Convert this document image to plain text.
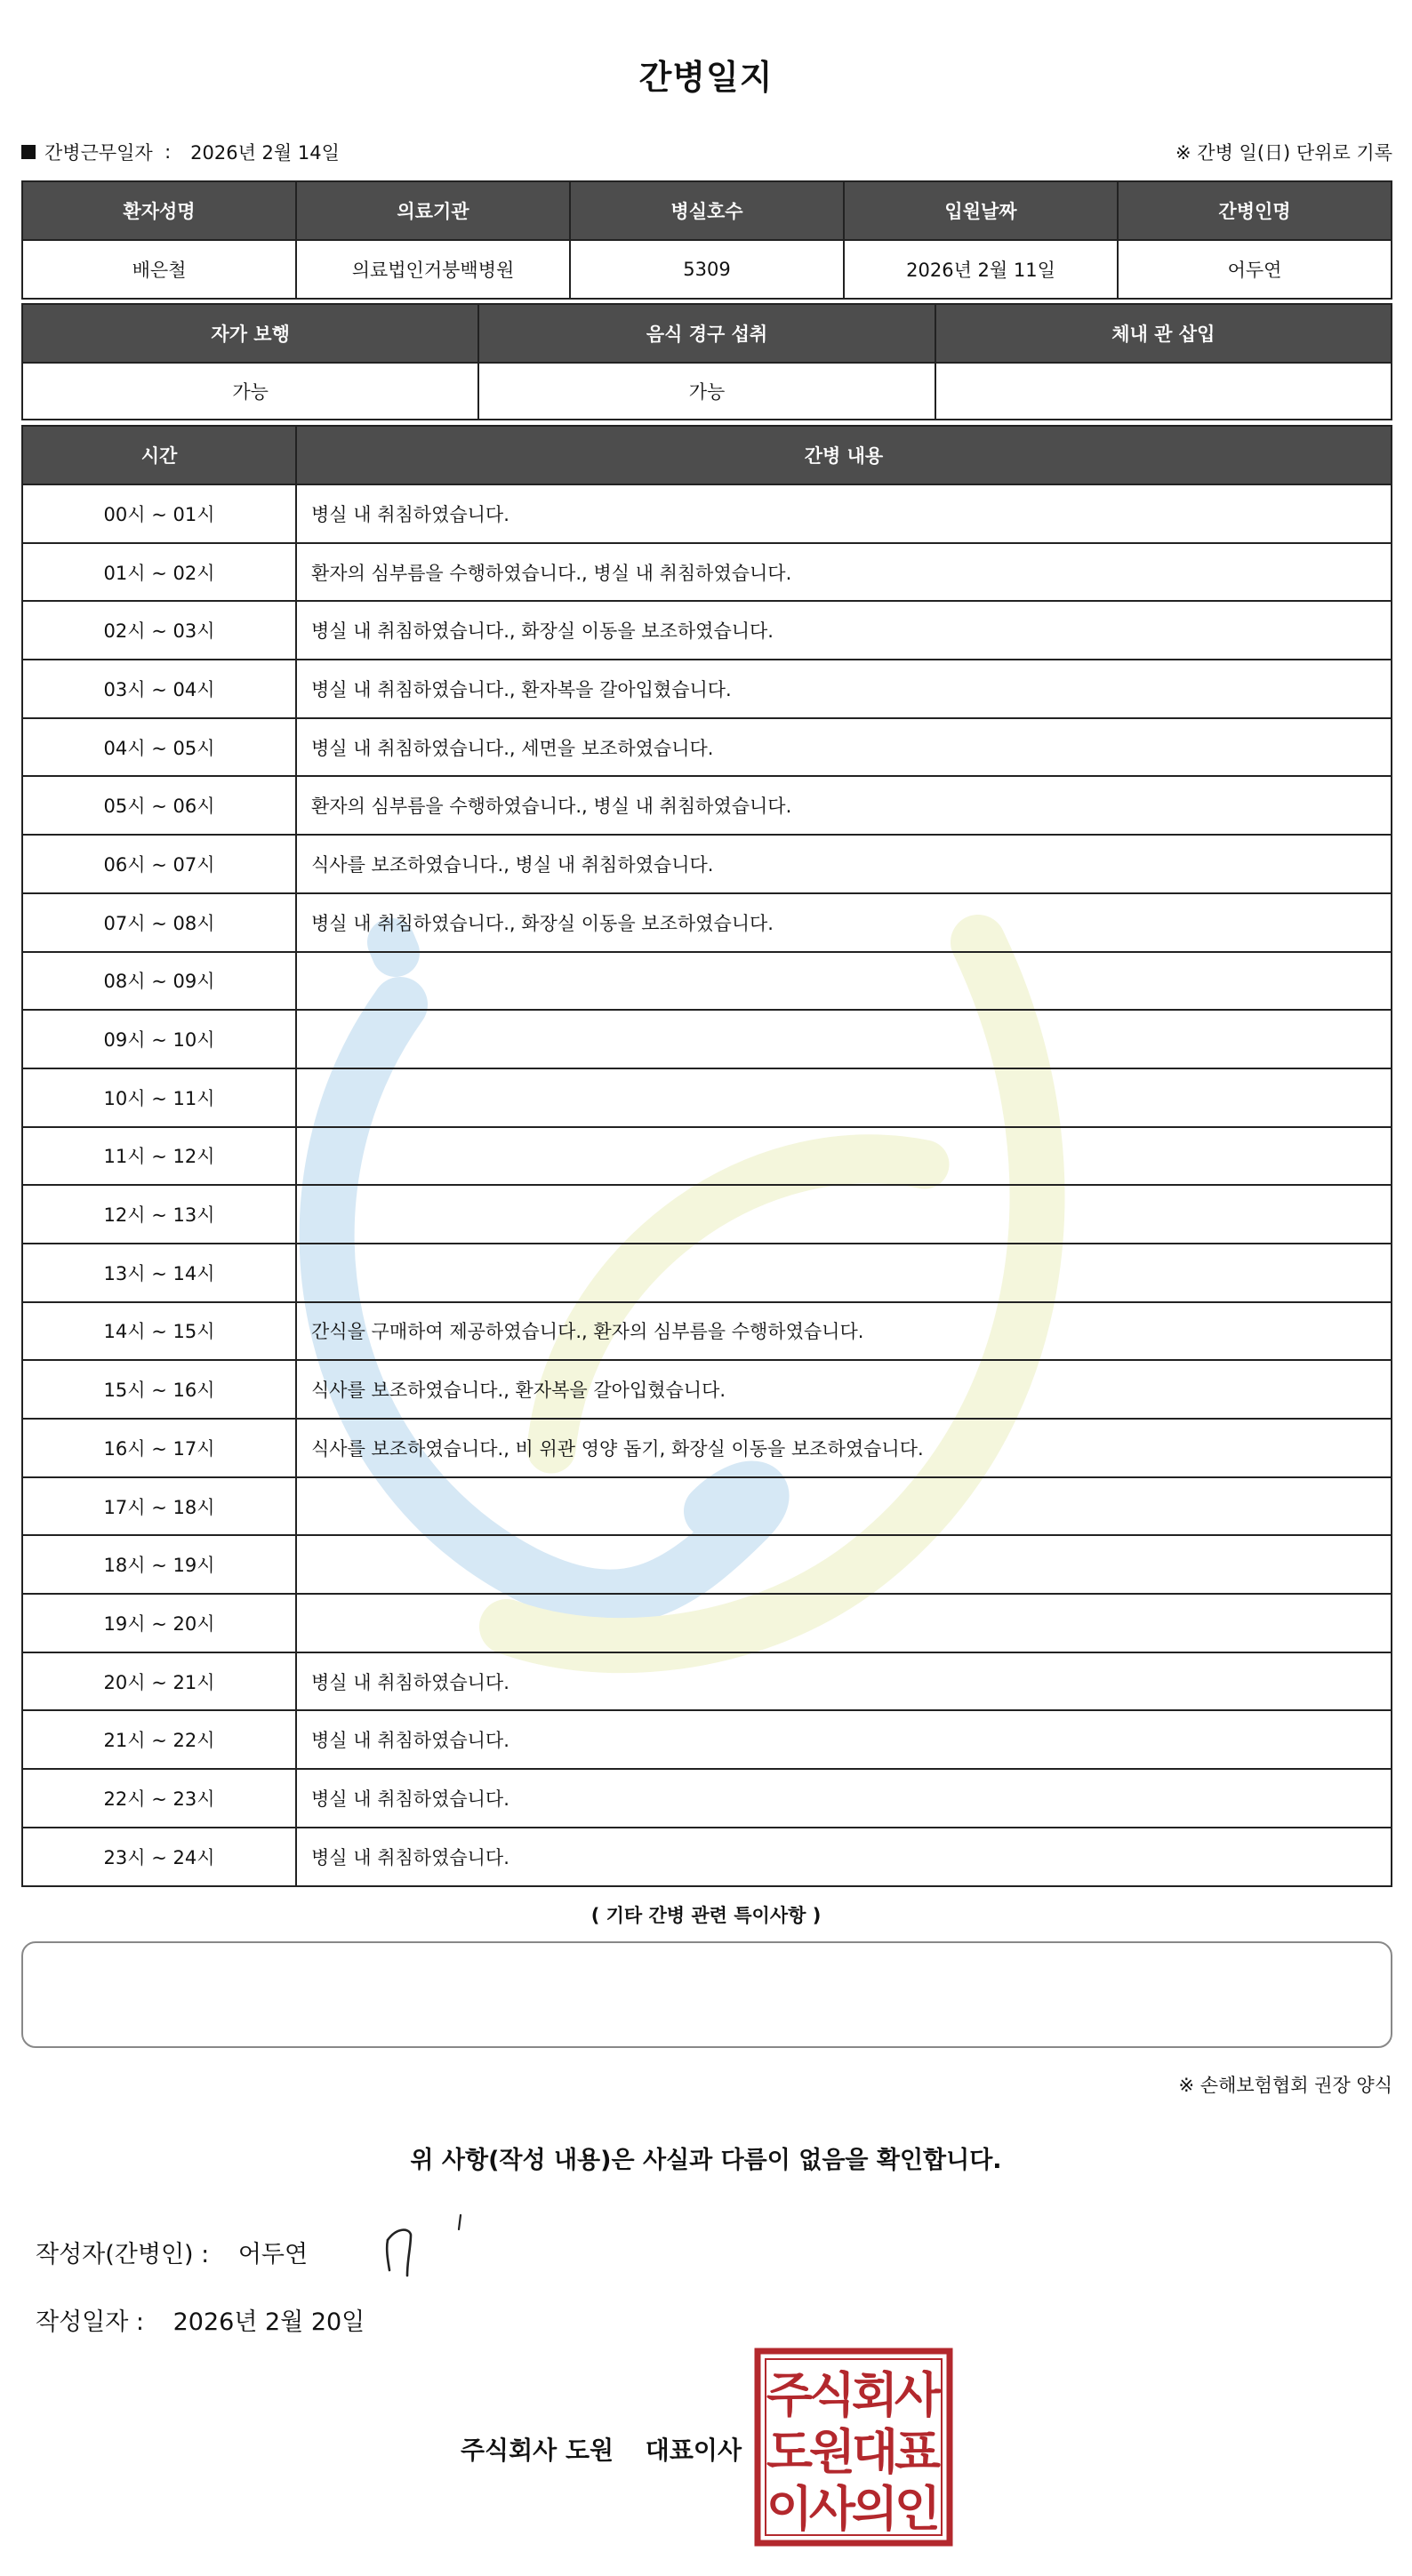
간병일지
간병근무일자
: 2026년 2월 14일	※ 간병 일(日) 단위로 기록
환자성명	의료기관	병실호수	입원날짜	간병인명
배은철	의료법인거붕백병원	5309	2026년 2월 11일	어두연
자가 보행	음식 경구 섭취	체내 관 삽입
가능	가능	
시간	간병 내용
00시 ~ 01시	병실 내 취침하였습니다.
01시 ~ 02시	환자의 심부름을 수행하였습니다., 병실 내 취침하였습니다.
02시 ~ 03시	병실 내 취침하였습니다., 화장실 이동을 보조하였습니다.
03시 ~ 04시	병실 내 취침하였습니다., 환자복을 갈아입혔습니다.
04시 ~ 05시	병실 내 취침하였습니다., 세면을 보조하였습니다.
05시 ~ 06시	환자의 심부름을 수행하였습니다., 병실 내 취침하였습니다.
06시 ~ 07시	식사를 보조하였습니다., 병실 내 취침하였습니다.
07시 ~ 08시	병실 내 취침하였습니다., 화장실 이동을 보조하였습니다.
08시 ~ 09시	
09시 ~ 10시	
10시 ~ 11시	
11시 ~ 12시	
12시 ~ 13시	
13시 ~ 14시	
14시 ~ 15시	간식을 구매하여 제공하였습니다., 환자의 심부름을 수행하였습니다.
15시 ~ 16시	식사를 보조하였습니다., 환자복을 갈아입혔습니다.
16시 ~ 17시	식사를 보조하였습니다., 비 위관 영양 돕기, 화장실 이동을 보조하였습니다.
17시 ~ 18시	
18시 ~ 19시	
19시 ~ 20시	
20시 ~ 21시	병실 내 취침하였습니다.
21시 ~ 22시	병실 내 취침하였습니다.
22시 ~ 23시	병실 내 취침하였습니다.
23시 ~ 24시	병실 내 취침하였습니다.
( 기타 간병 관련 특이사항 )
※ 손해보험협회 권장 양식
위 사항(작성 내용)은 사실과 다름이 없음을 확인합니다.
작성자(간병인) : 어두연
작성일자 : 2026년 2월 20일
주식회사 도원 대표이사
주
식
회
사
도
원
대
표
이
사
의
인
